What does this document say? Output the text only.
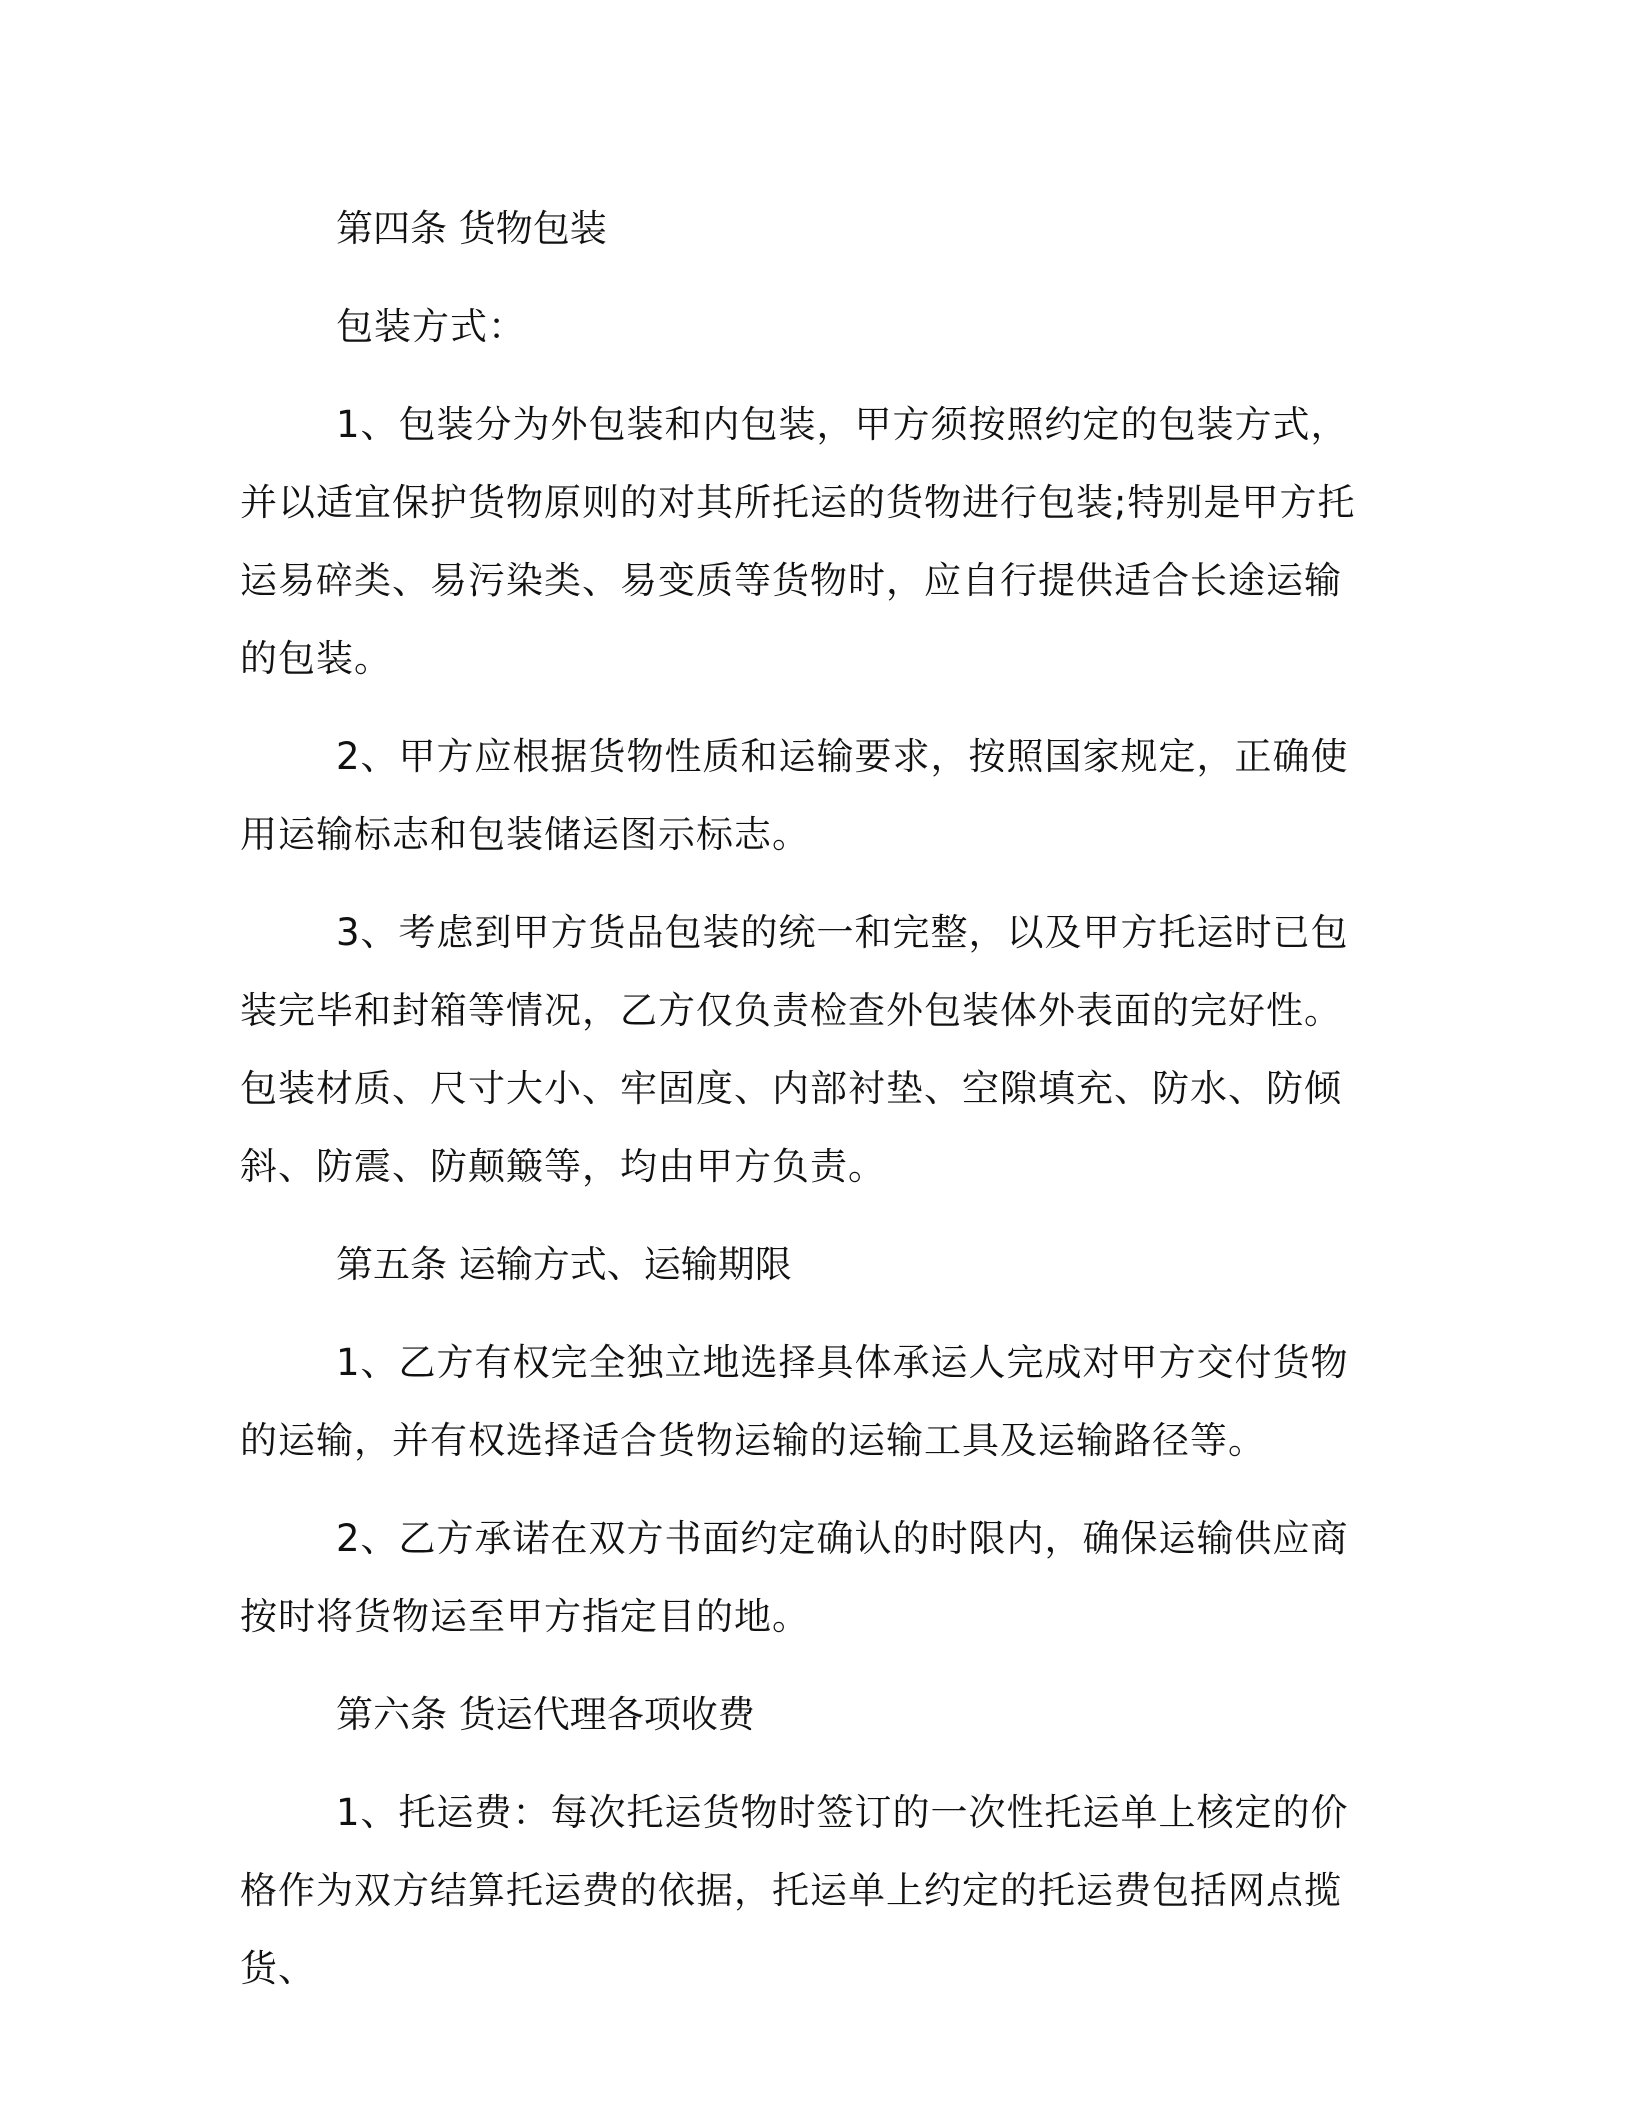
第四条 货物包装

包装方式：

1、包装分为外包装和内包装，甲方须按照约定的包装方式，并以适宜保护货物原则的对其所托运的货物进行包装;特别是甲方托运易碎类、易污染类、易变质等货物时，应自行提供适合长途运输的包装。

2、甲方应根据货物性质和运输要求，按照国家规定，正确使用运输标志和包装储运图示标志。

3、考虑到甲方货品包装的统一和完整，以及甲方托运时已包装完毕和封箱等情况，乙方仅负责检查外包装体外表面的完好性。包装材质、尺寸大小、牢固度、内部衬垫、空隙填充、防水、防倾斜、防震、防颠簸等，均由甲方负责。

第五条 运输方式、运输期限

1、乙方有权完全独立地选择具体承运人完成对甲方交付货物的运输，并有权选择适合货物运输的运输工具及运输路径等。

2、乙方承诺在双方书面约定确认的时限内，确保运输供应商按时将货物运至甲方指定目的地。

第六条 货运代理各项收费

1、托运费：每次托运货物时签订的一次性托运单上核定的价格作为双方结算托运费的依据，托运单上约定的托运费包括网点揽货、
